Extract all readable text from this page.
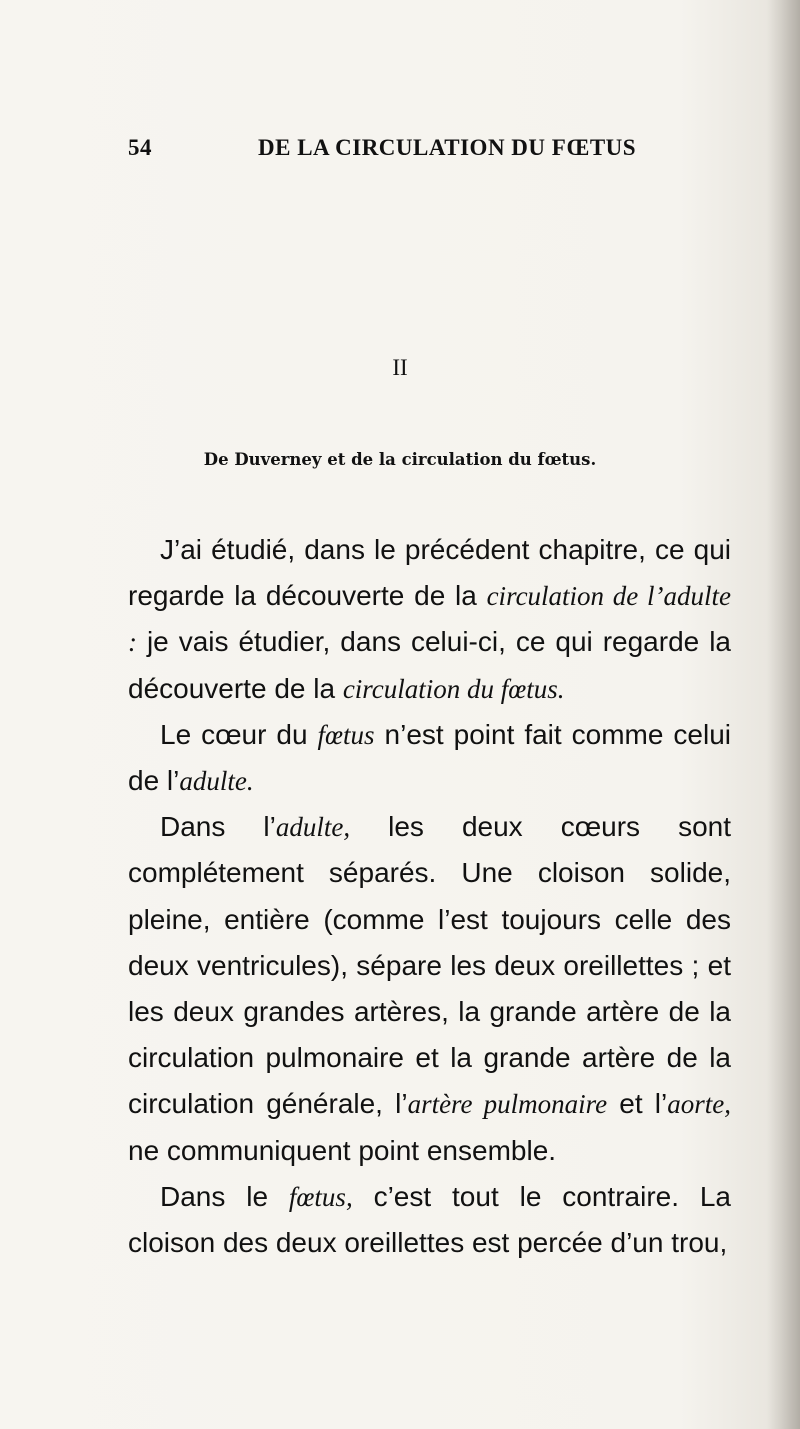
54	DE LA CIRCULATION DU FŒTUS
II
De Duverney et de la circulation du fœtus.

J’ai étudié, dans le précédent chapitre, ce qui regarde la découverte de la circulation de l’adulte : je vais étudier, dans celui-ci, ce qui regarde la découverte de la circulation du fœtus.

Le cœur du fœtus n’est point fait comme celui de l’adulte.

Dans l’adulte, les deux cœurs sont complétement séparés. Une cloison solide, pleine, entière (comme l’est toujours celle des deux ventricules), sépare les deux oreillettes ; et les deux grandes artères, la grande artère de la circulation pulmonaire et la grande artère de la circulation générale, l’artère pulmonaire et l’aorte, ne communiquent point ensemble.

Dans le fœtus, c’est tout le contraire. La cloison des deux oreillettes est percée d’un trou,
